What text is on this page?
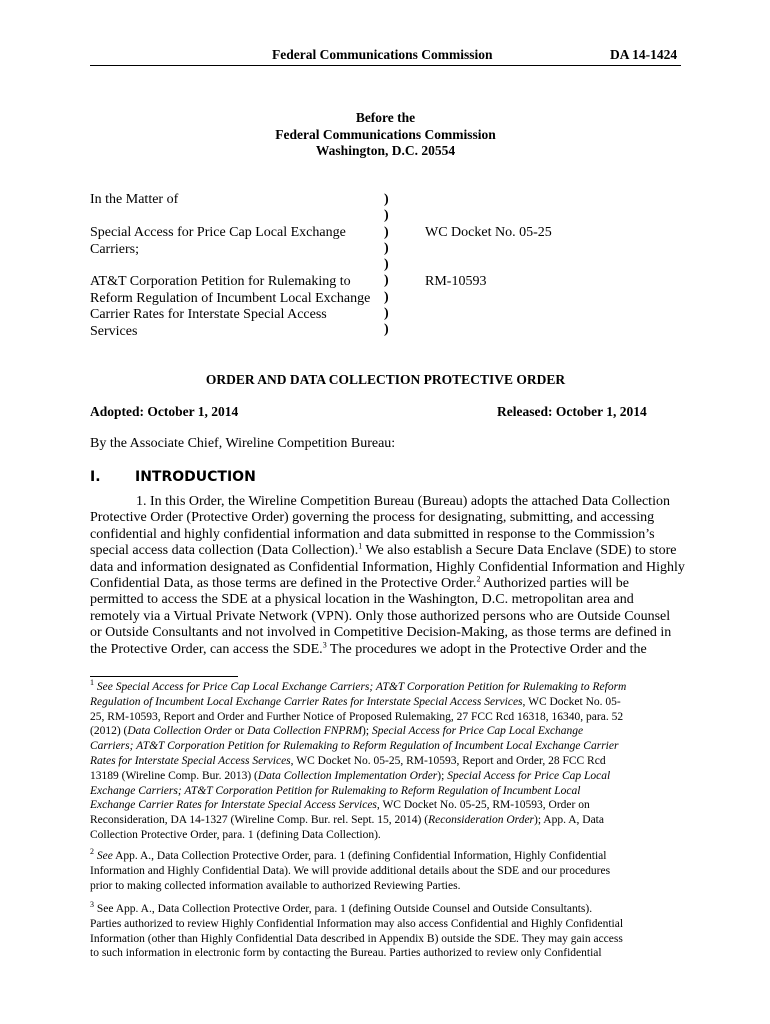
Federal Communications Commission	DA 14-1424
Before the
Federal Communications Commission
Washington, D.C. 20554
In the Matter of
Special Access for Price Cap Local Exchange
Carriers;
AT&T Corporation Petition for Rulemaking to
Reform Regulation of Incumbent Local Exchange
Carrier Rates for Interstate Special Access
Services
)
)
)
)
)
)
)
)
)
WC Docket No. 05-25
RM-10593
ORDER AND DATA COLLECTION PROTECTIVE ORDER
Adopted: October 1, 2014	Released: October 1, 2014
By the Associate Chief, Wireline Competition Bureau:
I. INTRODUCTION
1. In this Order, the Wireline Competition Bureau (Bureau) adopts the attached Data Collection
Protective Order (Protective Order) governing the process for designating, submitting, and accessing
confidential and highly confidential information and data submitted in response to the Commission’s
special access data collection (Data Collection).$^1$ We also establish a Secure Data Enclave (SDE) to store
data and information designated as Confidential Information, Highly Confidential Information and Highly
Confidential Data, as those terms are defined in the Protective Order.$^2$ Authorized parties will be
permitted to access the SDE at a physical location in the Washington, D.C. metropolitan area and
remotely via a Virtual Private Network (VPN). Only those authorized persons who are Outside Counsel
or Outside Consultants and not involved in Competitive Decision-Making, as those terms are defined in
the Protective Order, can access the SDE.$^3$ The procedures we adopt in the Protective Order and the
$^1$ See Special Access for Price Cap Local Exchange Carriers; AT&T Corporation Petition for Rulemaking to Reform
Regulation of Incumbent Local Exchange Carrier Rates for Interstate Special Access Services, WC Docket No. 05-
25, RM-10593, Report and Order and Further Notice of Proposed Rulemaking, 27 FCC Rcd 16318, 16340, para. 52
(2012) (Data Collection Order or Data Collection FNPRM); Special Access for Price Cap Local Exchange
Carriers; AT&T Corporation Petition for Rulemaking to Reform Regulation of Incumbent Local Exchange Carrier
Rates for Interstate Special Access Services, WC Docket No. 05-25, RM-10593, Report and Order, 28 FCC Rcd
13189 (Wireline Comp. Bur. 2013) (Data Collection Implementation Order); Special Access for Price Cap Local
Exchange Carriers; AT&T Corporation Petition for Rulemaking to Reform Regulation of Incumbent Local
Exchange Carrier Rates for Interstate Special Access Services, WC Docket No. 05-25, RM-10593, Order on
Reconsideration, DA 14-1327 (Wireline Comp. Bur. rel. Sept. 15, 2014) (Reconsideration Order); App. A, Data
Collection Protective Order, para. 1 (defining Data Collection).
$^2$ See App. A., Data Collection Protective Order, para. 1 (defining Confidential Information, Highly Confidential
Information and Highly Confidential Data). We will provide additional details about the SDE and our procedures
prior to making collected information available to authorized Reviewing Parties.
$^3$ See App. A., Data Collection Protective Order, para. 1 (defining Outside Counsel and Outside Consultants).
Parties authorized to review Highly Confidential Information may also access Confidential and Highly Confidential
Information (other than Highly Confidential Data described in Appendix B) outside the SDE. They may gain access
to such information in electronic form by contacting the Bureau. Parties authorized to review only Confidential
